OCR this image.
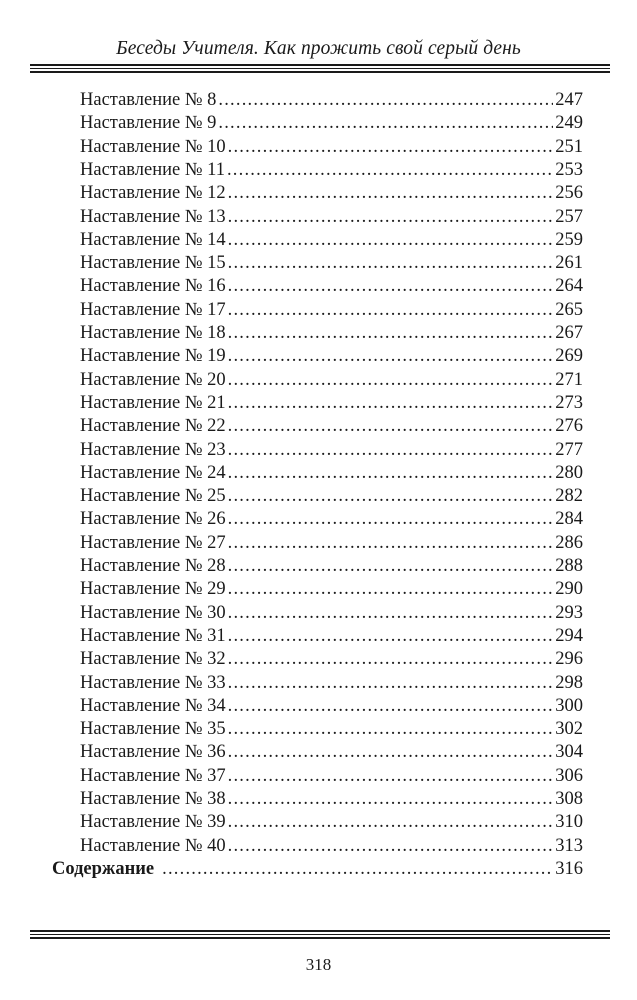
Беседы Учителя. Как прожить свой серый день
Наставление № 8 .....	247
Наставление № 9 .....	249
Наставление № 10 .....	251
Наставление № 11 .....	253
Наставление № 12 .....	256
Наставление № 13 .....	257
Наставление № 14 .....	259
Наставление № 15 .....	261
Наставление № 16 .....	264
Наставление № 17 .....	265
Наставление № 18 .....	267
Наставление № 19 .....	269
Наставление № 20 .....	271
Наставление № 21 .....	273
Наставление № 22 .....	276
Наставление № 23 .....	277
Наставление № 24 .....	280
Наставление № 25 .....	282
Наставление № 26 .....	284
Наставление № 27 .....	286
Наставление № 28 .....	288
Наставление № 29 .....	290
Наставление № 30 .....	293
Наставление № 31 .....	294
Наставление № 32 .....	296
Наставление № 33 .....	298
Наставление № 34 .....	300
Наставление № 35 .....	302
Наставление № 36 .....	304
Наставление № 37 .....	306
Наставление № 38 .....	308
Наставление № 39 .....	310
Наставление № 40 .....	313
Содержание .....	316
318
